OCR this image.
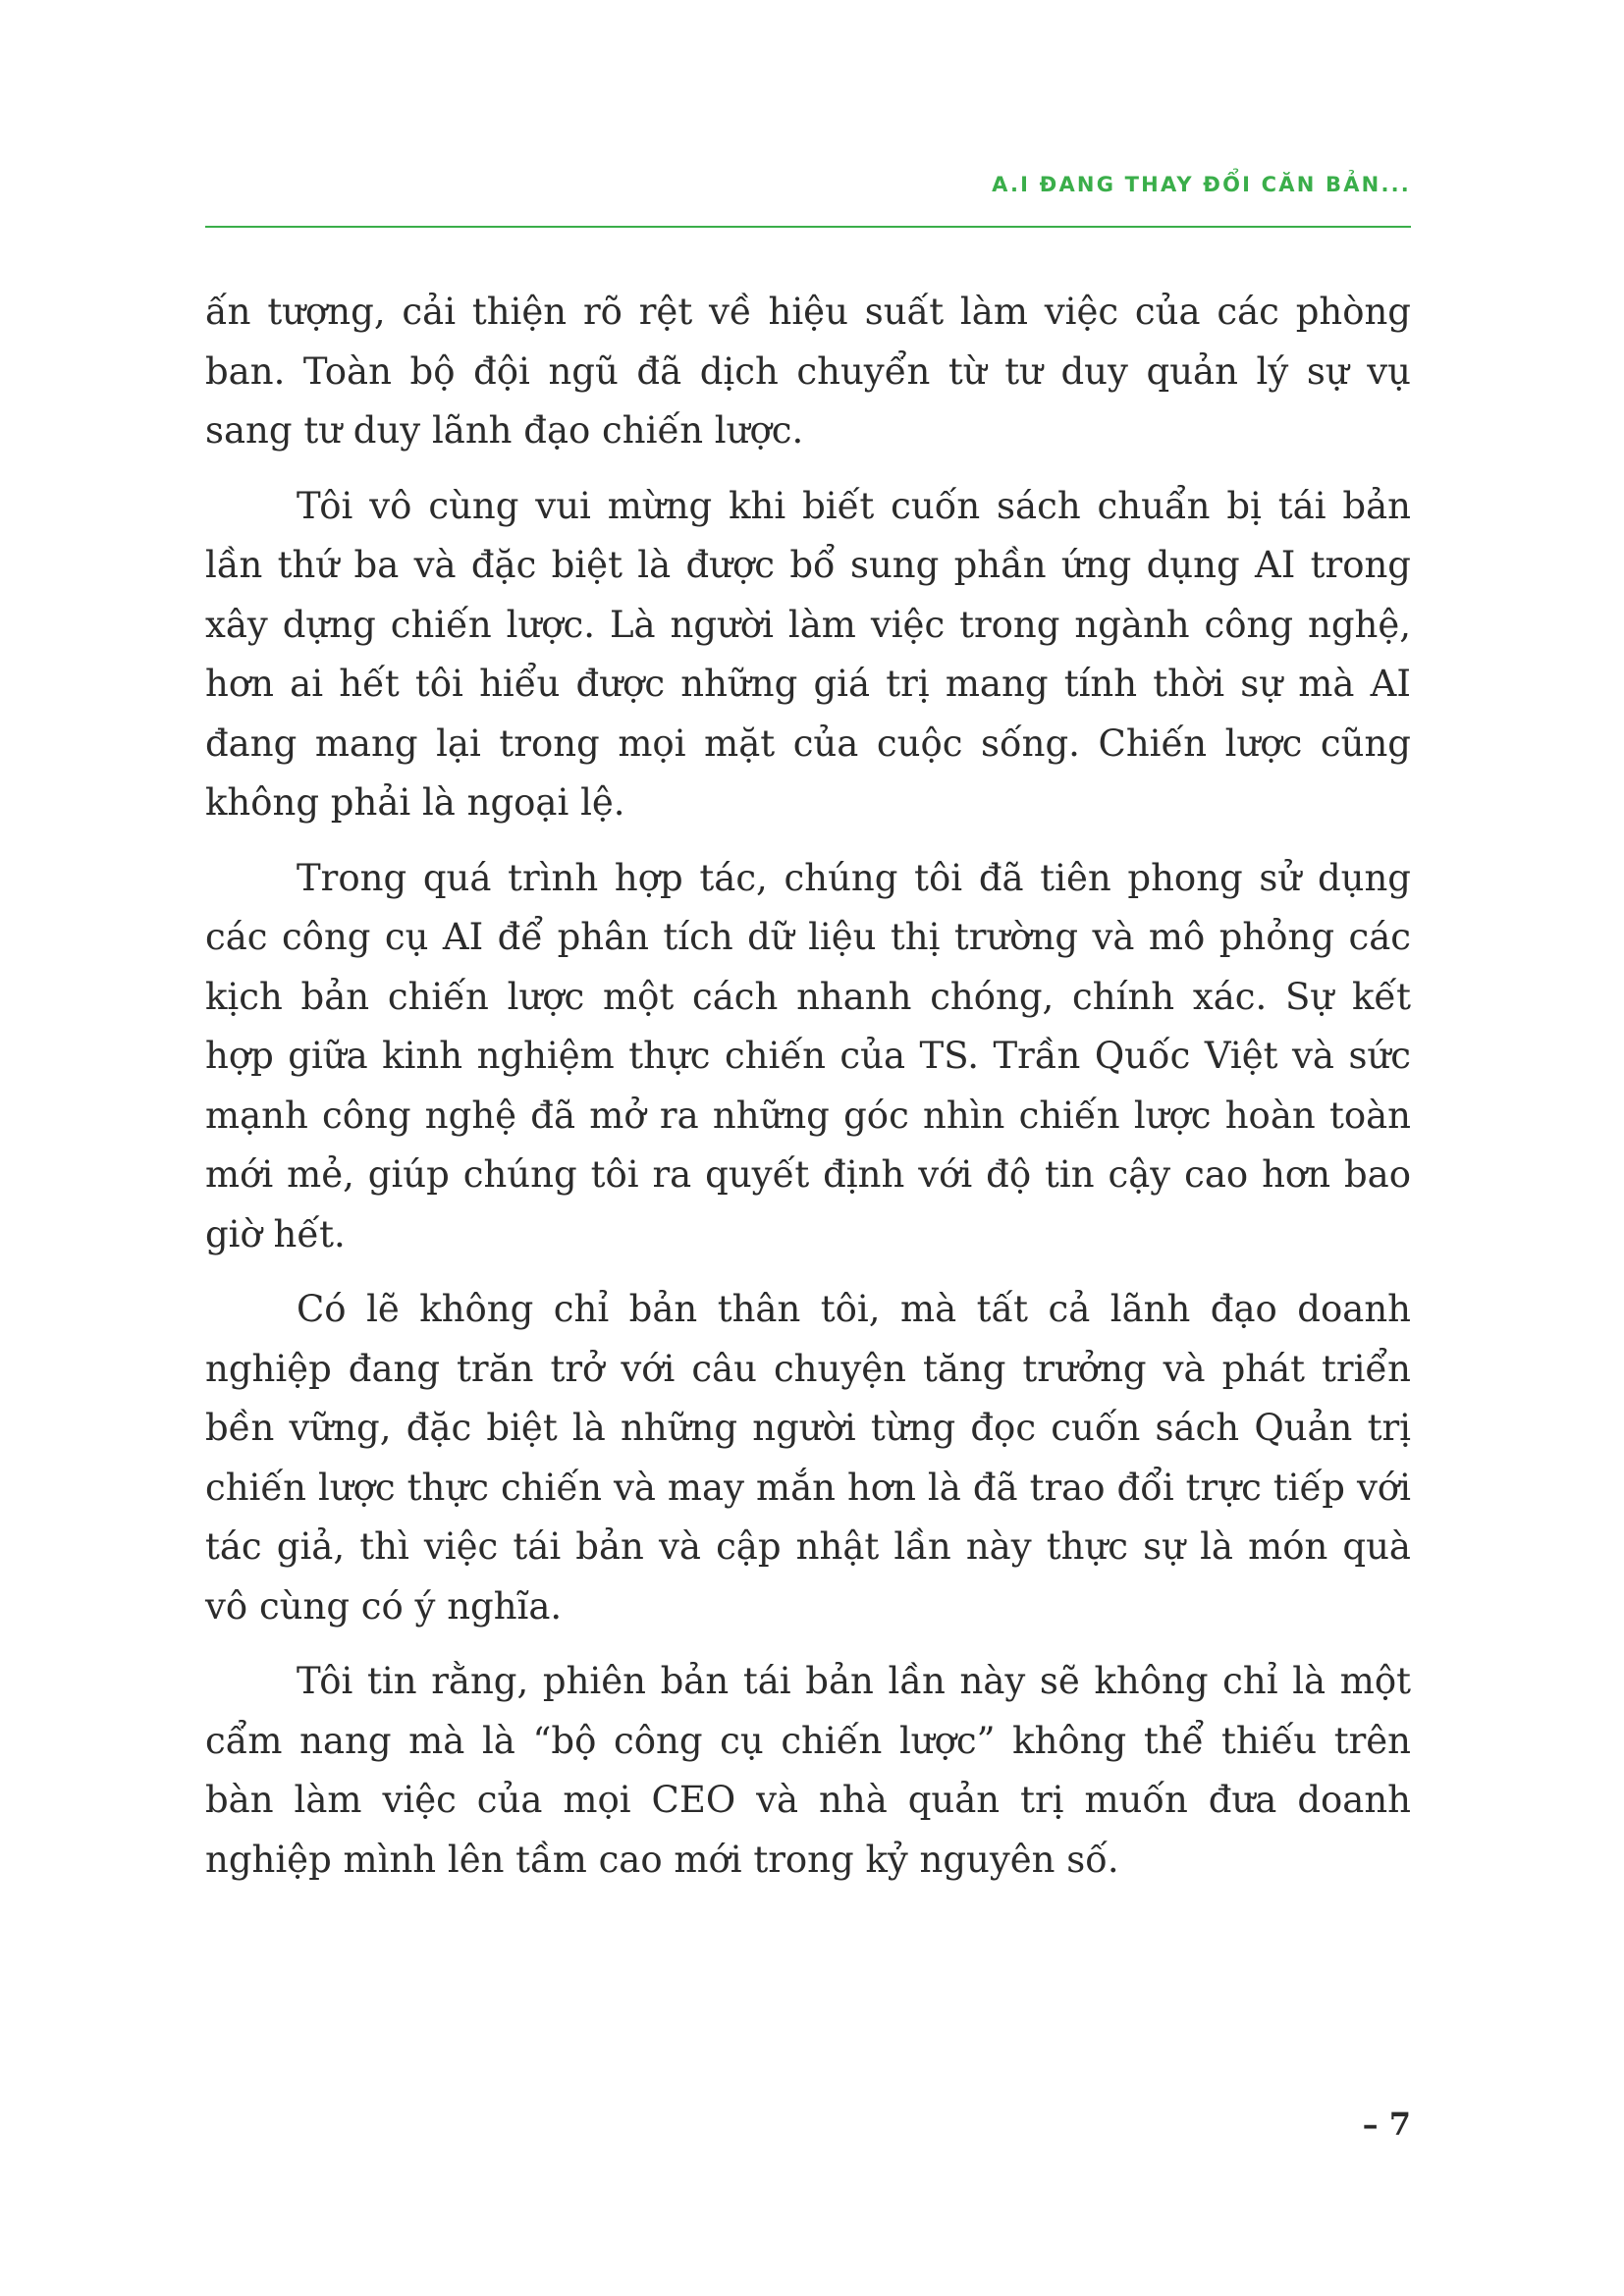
A.I ĐANG THAY ĐỔI CĂN BẢN...

ấn tượng, cải thiện rõ rệt về hiệu suất làm việc của các phòng ban. Toàn bộ đội ngũ đã dịch chuyển từ tư duy quản lý sự vụ sang tư duy lãnh đạo chiến lược.

Tôi vô cùng vui mừng khi biết cuốn sách chuẩn bị tái bản lần thứ ba và đặc biệt là được bổ sung phần ứng dụng AI trong xây dựng chiến lược. Là người làm việc trong ngành công nghệ, hơn ai hết tôi hiểu được những giá trị mang tính thời sự mà AI đang mang lại trong mọi mặt của cuộc sống. Chiến lược cũng không phải là ngoại lệ.

Trong quá trình hợp tác, chúng tôi đã tiên phong sử dụng các công cụ AI để phân tích dữ liệu thị trường và mô phỏng các kịch bản chiến lược một cách nhanh chóng, chính xác. Sự kết hợp giữa kinh nghiệm thực chiến của TS. Trần Quốc Việt và sức mạnh công nghệ đã mở ra những góc nhìn chiến lược hoàn toàn mới mẻ, giúp chúng tôi ra quyết định với độ tin cậy cao hơn bao giờ hết.

Có lẽ không chỉ bản thân tôi, mà tất cả lãnh đạo doanh nghiệp đang trăn trở với câu chuyện tăng trưởng và phát triển bền vững, đặc biệt là những người từng đọc cuốn sách Quản trị chiến lược thực chiến và may mắn hơn là đã trao đổi trực tiếp với tác giả, thì việc tái bản và cập nhật lần này thực sự là món quà vô cùng có ý nghĩa.

Tôi tin rằng, phiên bản tái bản lần này sẽ không chỉ là một cẩm nang mà là “bộ công cụ chiến lược” không thể thiếu trên bàn làm việc của mọi CEO và nhà quản trị muốn đưa doanh nghiệp mình lên tầm cao mới trong kỷ nguyên số.

– 7
